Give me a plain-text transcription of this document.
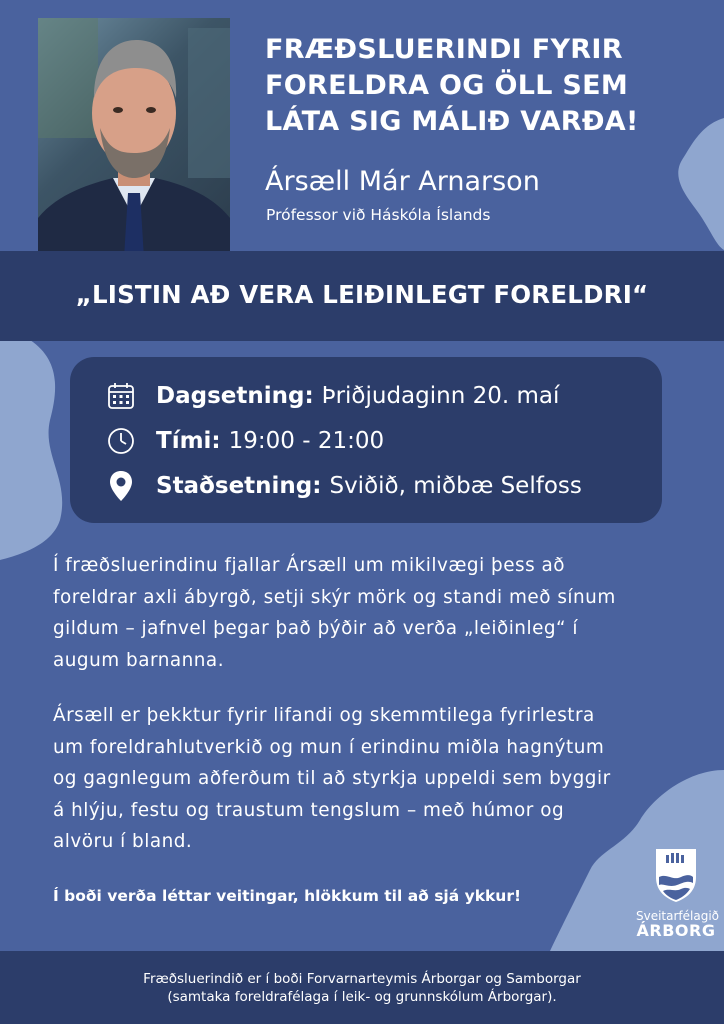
FRÆÐSLUERINDI FYRIR
FORELDRA OG ÖLL SEM
LÁTA SIG MÁLIÐ VARÐA!
Ársæll Már Arnarson
Prófessor við Háskóla Íslands
„LISTIN AÐ VERA LEIÐINLEGT FORELDRI“
Dagsetning: Þriðjudaginn 20. maí
Tími: 19:00 - 21:00
Staðsetning: Sviðið, miðbæ Selfoss
Í fræðsluerindinu fjallar Ársæll um mikilvægi þess að
foreldrar axli ábyrgð, setji skýr mörk og standi með sínum
gildum – jafnvel þegar það þýðir að verða „leiðinleg“ í
augum barnanna.
Ársæll er þekktur fyrir lifandi og skemmtilega fyrirlestra
um foreldrahlutverkið og mun í erindinu miðla hagnýtum
og gagnlegum aðferðum til að styrkja uppeldi sem byggir
á hlýju, festu og traustum tengslum – með húmor og
alvöru í bland.
Í boði verða léttar veitingar, hlökkum til að sjá ykkur!
Sveitarfélagið
ÁRBORG
Fræðsluerindið er í boði Forvarnarteymis Árborgar og Samborgar
(samtaka foreldrafélaga í leik- og grunnskólum Árborgar).
